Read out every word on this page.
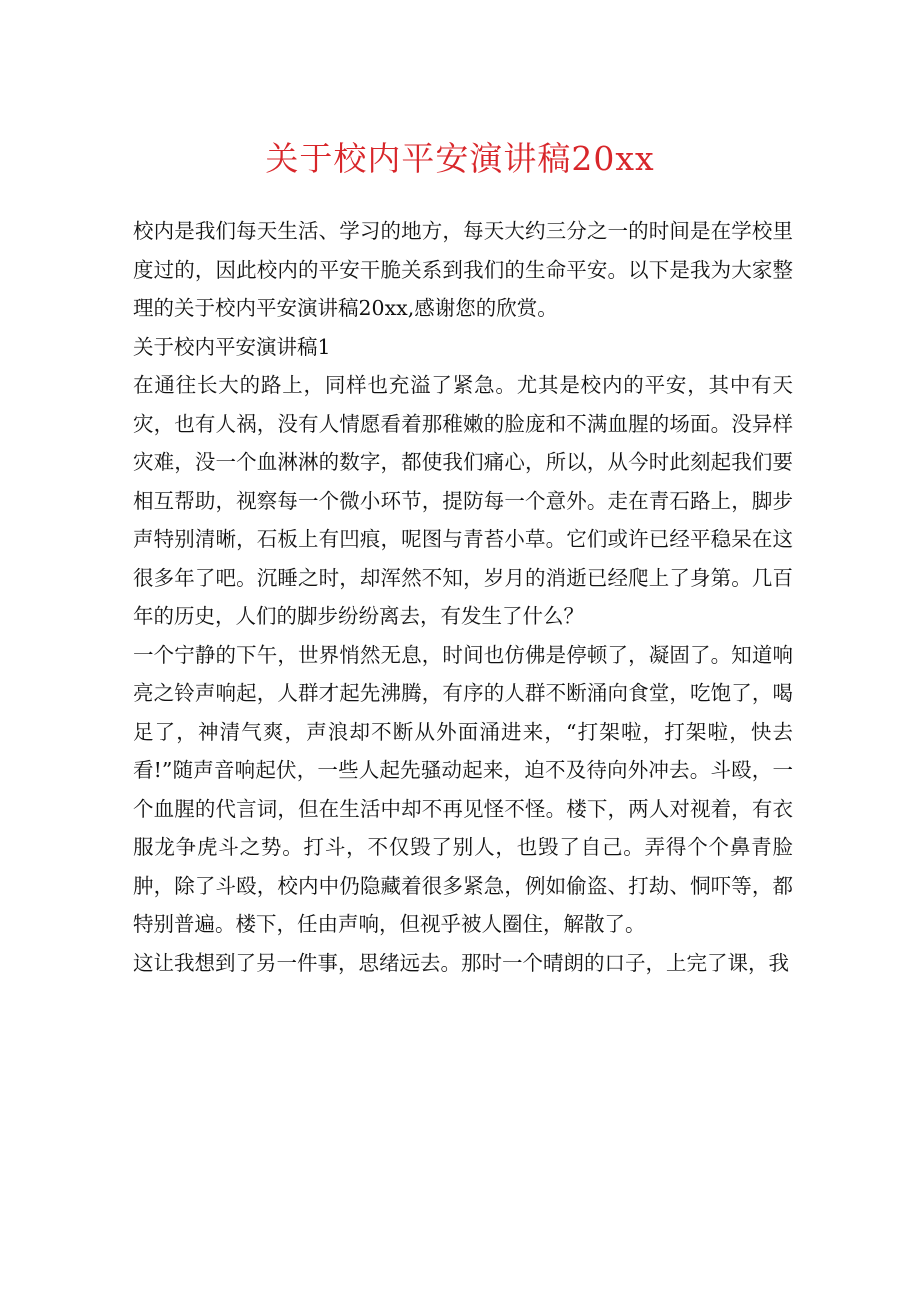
关于校内平安演讲稿20xx

校内是我们每天生活、学习的地方，每天大约三分之一的时间是在学校里度过的，因此校内的平安干脆关系到我们的生命平安。以下是我为大家整理的关于校内平安演讲稿20xx,感谢您的欣赏。

关于校内平安演讲稿1

在通往长大的路上，同样也充溢了紧急。尤其是校内的平安，其中有天灾，也有人祸，没有人情愿看着那稚嫩的脸庞和不满血腥的场面。没异样灾难，没一个血淋淋的数字，都使我们痛心，所以，从今时此刻起我们要相互帮助，视察每一个微小环节，提防每一个意外。走在青石路上，脚步声特别清晰，石板上有凹痕，呢图与青苔小草。它们或许已经平稳呆在这很多年了吧。沉睡之时，却浑然不知，岁月的消逝已经爬上了身第。几百年的历史，人们的脚步纷纷离去，有发生了什么？

一个宁静的下午，世界悄然无息，时间也仿佛是停顿了，凝固了。知道响亮之铃声响起，人群才起先沸腾，有序的人群不断涌向食堂，吃饱了，喝足了，神清气爽，声浪却不断从外面涌进来，“打架啦，打架啦，快去看!”随声音响起伏，一些人起先骚动起来，迫不及待向外冲去。斗殴，一个血腥的代言词，但在生活中却不再见怪不怪。楼下，两人对视着，有衣服龙争虎斗之势。打斗，不仅毁了别人，也毁了自己。弄得个个鼻青脸肿，除了斗殴，校内中仍隐藏着很多紧急，例如偷盗、打劫、恫吓等，都特别普遍。楼下，任由声响，但视乎被人圈住，解散了。

这让我想到了另一件事，思绪远去。那时一个晴朗的口子，上完了课，我
